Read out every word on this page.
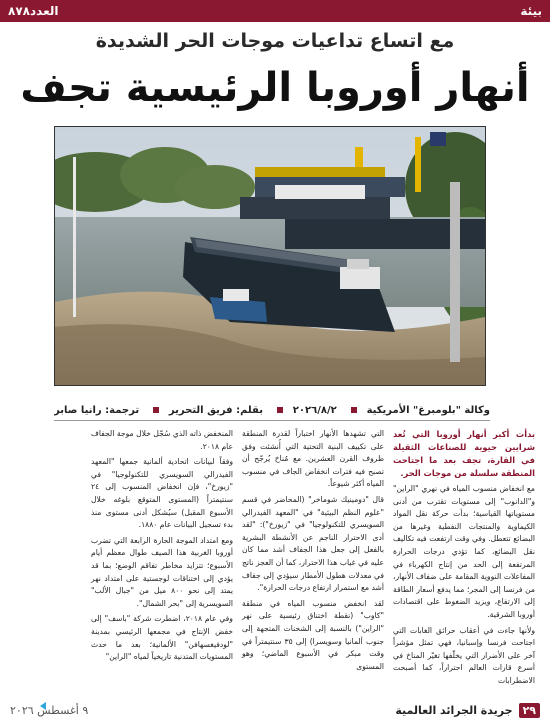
بيئة
العدد٨٧٨
مع اتساع تداعيات موجات الحر الشديدة
أنهار أوروبا الرئيسية تجف
وكالة "بلومبرغ" الأمريكية
٢٠٢٦/٨/٢
بقلم: فريق التحرير
ترجمة: رانيا صابر

بدأت أكبر أنهار أوروبا التي تُعد شرايين حيوية للصناعات الثقيلة في القارة، تجف بعد ما اجتاحت المنطقة سلسلة من موجات الحر.

مع انخفاض منسوب المياه في نهري "الراين" و"الدانوب" إلى مستويات تقترب من أدنى مستوياتها القياسية؛ بدأت حركة نقل المواد الكيماوية والمنتجات النفطية وغيرها من البضائع تتعطل. وفي وقت ارتفعت فيه تكاليف نقل البضائع، كما تؤدي درجات الحرارة المرتفعة إلى الحد من إنتاج الكهرباء في المفاعلات النووية المقامة على ضفاف الأنهار، من فرنسا إلى المجر؛ مما يدفع أسعار الطاقة إلى الارتفاع، ويزيد الضغوط على اقتصادات أوروبا الشرقية.

ولأنها جاءت في أعقاب حرائق الغابات التي اجتاحت فرنسا وإسبانيا، فهي تمثل مؤشراً آخر على الأضرار التي يخلّفها تغيّر المناخ في أسرع قارات العالم احتراراً، كما أصبحت الاضطرابات

التي تشهدها الأنهار اختباراً لقدرة المنطقة على تكييف البنية التحتية التي أُنشئت وفق ظروف القرن العشرين. مع مُناخ يُرجّح أن تصبح فيه فترات انخفاض الجاف في منسوب المياه أكثر شيوعاً.

قال "دومينيك شوماخر" (المحاضر في قسم "علوم النظم البيئية" في "المعهد الفيدرالي السويسري للتكنولوجيا" في "زيورخ"): "لقد أدى الاحترار الناجم عن الأنشطة البشرية بالفعل إلى جعل هذا الجفاف أشد مما كان عليه في غياب هذا الاحترار، كما أن العجز ناتج في معدلات هطول الأمطار سيؤدي إلى جفاف أشد مع استمرار ارتفاع درجات الحرارة".

لقد انخفض منسوب المياه في منطقة "كاوب" (نقطة اختناق رئيسية على نهر "الراين") بالنسبة إلى الشحنات المتجهة إلى جنوب ألمانيا وسويسرا) إلى ٣٥ سنتيمتراً في وقت مبكر في الأسبوع الماضي؛ وهو المستوى

المنخفض ذاته الذي سُجّل خلال موجة الجفاف عام ٢٠١٨.

وفقاً لبيانات اتحادية ألمانية جمعها "المعهد الفيدرالي السويسري للتكنولوجيا" في "زيورخ"، فإن انخفاض المنسوب إلى ٢٤ سنتيمتراً (المستوى المتوقع بلوغه خلال الأسبوع المقبل) سيُشكل أدنى مستوى منذ بدء تسجيل البيانات عام ١٨٨٠.

ومع امتداد الموجة الحارة الرابعة التي تضرب أوروبا الغربية هذا الصيف طوال معظم أيام الأسبوع؛ تتزايد مخاطر تفاقم الوضع؛ بما قد يؤدي إلى اختناقات لوجستية على امتداد نهر يمتد إلى نحو ٨٠٠ ميل من "جبال الألب" السويسرية إلى "بحر الشمال".

وفي عام ٢٠١٨، اضطرت شركة "باسف" إلى خفض الإنتاج في مجمعها الرئيسي بمدينة "لودفيغسهافن" الألمانية؛ بعد ما حدث المستويات المتدنية تاريخياً لمياه "الراين"

٢٩
جريدة الجرائد العالمية
٩ أغسطس ٢٠٢٦
